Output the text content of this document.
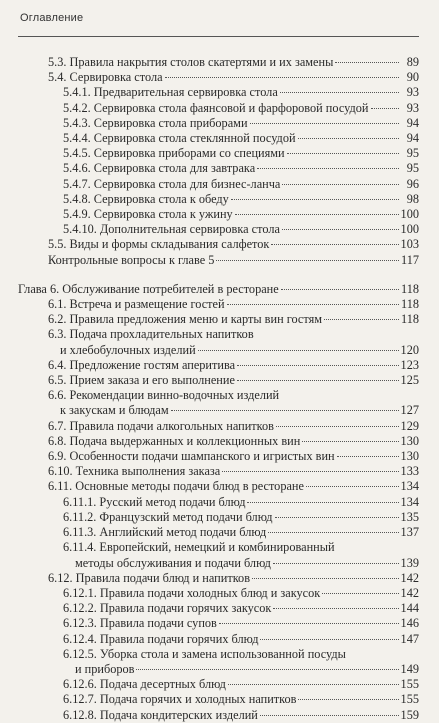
Оглавление
5.3. Правила накрытия столов скатертями и их замены	89
5.4. Сервировка стола	90
5.4.1. Предварительная сервировка стола	93
5.4.2. Сервировка стола фаянсовой и фарфоровой посудой	93
5.4.3. Сервировка стола приборами	94
5.4.4. Сервировка стола стеклянной посудой	94
5.4.5. Сервировка приборами со специями	95
5.4.6. Сервировка стола для завтрака	95
5.4.7. Сервировка стола для бизнес-ланча	96
5.4.8. Сервировка стола к обеду	98
5.4.9. Сервировка стола к ужину	100
5.4.10. Дополнительная сервировка стола	100
5.5. Виды и формы складывания салфеток	103
Контрольные вопросы к главе 5	117
Глава 6. Обслуживание потребителей в ресторане	118
6.1. Встреча и размещение гостей	118
6.2. Правила предложения меню и карты вин гостям	118
6.3. Подача прохладительных напитков
и хлебобулочных изделий	120
6.4. Предложение гостям аперитива	123
6.5. Прием заказа и его выполнение	125
6.6. Рекомендации винно-водочных изделий
к закускам и блюдам	127
6.7. Правила подачи алкогольных напитков	129
6.8. Подача выдержанных и коллекционных вин	130
6.9. Особенности подачи шампанского и игристых вин	130
6.10. Техника выполнения заказа	133
6.11. Основные методы подачи блюд в ресторане	134
6.11.1. Русский метод подачи блюд	134
6.11.2. Французский метод подачи блюд	135
6.11.3. Английский метод подачи блюд	137
6.11.4. Европейский, немецкий и комбинированный
методы обслуживания и подачи блюд	139
6.12. Правила подачи блюд и напитков	142
6.12.1. Правила подачи холодных блюд и закусок	142
6.12.2. Правила подачи горячих закусок	144
6.12.3. Правила подачи супов	146
6.12.4. Правила подачи горячих блюд	147
6.12.5. Уборка стола и замена использованной посуды
и приборов	149
6.12.6. Подача десертных блюд	155
6.12.7. Подача горячих и холодных напитков	155
6.12.8. Подача кондитерских изделий	159
